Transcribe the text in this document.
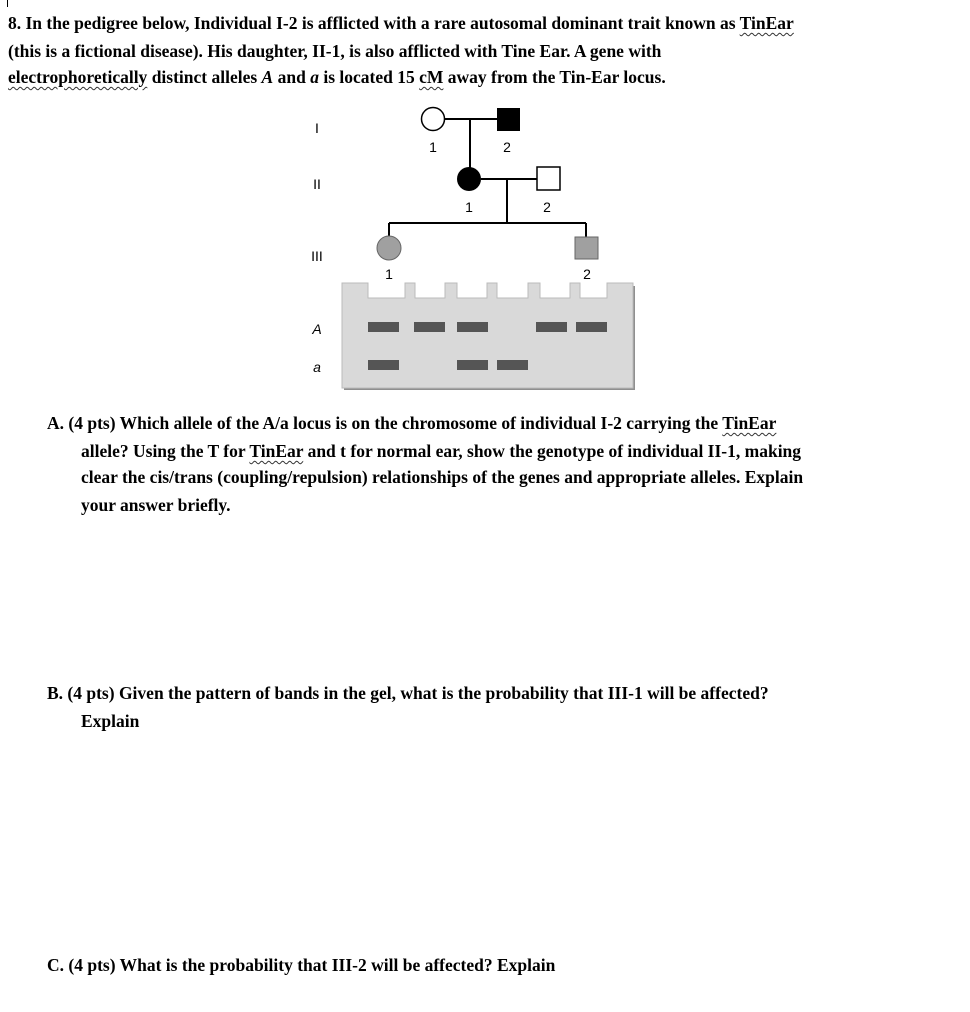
8. In the pedigree below, Individual I-2 is afflicted with a rare autosomal dominant trait known as TinEar
(this is a fictional disease). His daughter, II-1, is also afflicted with Tine Ear. A gene with
electrophoretically distinct alleles A and a is located 15 cM away from the Tin-Ear locus.
I
II
III
1	2
1	2
1	2
A
a
A. (4 pts) Which allele of the A/a locus is on the chromosome of individual I-2 carrying the TinEar
allele? Using the T for TinEar and t for normal ear, show the genotype of individual II-1, making
clear the cis/trans (coupling/repulsion) relationships of the genes and appropriate alleles. Explain
your answer briefly.
B. (4 pts) Given the pattern of bands in the gel, what is the probability that III-1 will be affected?
Explain
C. (4 pts) What is the probability that III-2 will be affected? Explain
